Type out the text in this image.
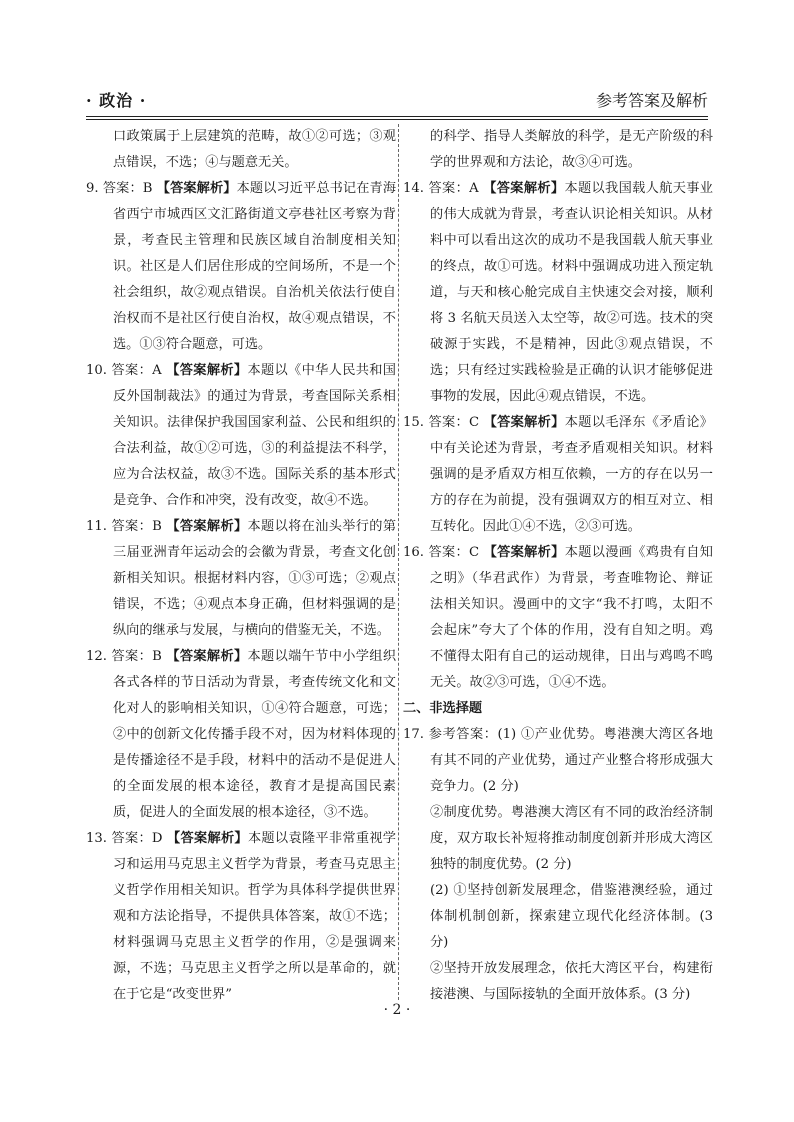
· 政治 ·	参考答案及解析
口政策属于上层建筑的范畴，故①②可选；③观点错误，不选；④与题意无关。
9. 答案：B 【答案解析】本题以习近平总书记在青海省西宁市城西区文汇路街道文亭巷社区考察为背景，考查民主管理和民族区域自治制度相关知识。社区是人们居住形成的空间场所，不是一个社会组织，故②观点错误。自治机关依法行使自治权而不是社区行使自治权，故④观点错误，不选。①③符合题意，可选。
10. 答案：A 【答案解析】本题以《中华人民共和国反外国制裁法》的通过为背景，考查国际关系相关知识。法律保护我国国家利益、公民和组织的合法利益，故①②可选，③的利益提法不科学，应为合法权益，故③不选。国际关系的基本形式是竞争、合作和冲突，没有改变，故④不选。
11. 答案：B 【答案解析】本题以将在汕头举行的第三届亚洲青年运动会的会徽为背景，考查文化创新相关知识。根据材料内容，①③可选；②观点错误，不选；④观点本身正确，但材料强调的是纵向的继承与发展，与横向的借鉴无关，不选。
12. 答案：B 【答案解析】本题以端午节中小学组织各式各样的节日活动为背景，考查传统文化和文化对人的影响相关知识，①④符合题意，可选；②中的创新文化传播手段不对，因为材料体现的是传播途径不是手段，材料中的活动不是促进人的全面发展的根本途径，教育才是提高国民素质，促进人的全面发展的根本途径，③不选。
13. 答案：D 【答案解析】本题以袁隆平非常重视学习和运用马克思主义哲学为背景，考查马克思主义哲学作用相关知识。哲学为具体科学提供世界观和方法论指导，不提供具体答案，故①不选；材料强调马克思主义哲学的作用，②是强调来源，不选；马克思主义哲学之所以是革命的，就在于它是“改变世界”
的科学、指导人类解放的科学，是无产阶级的科学的世界观和方法论，故③④可选。
14. 答案：A 【答案解析】本题以我国载人航天事业的伟大成就为背景，考查认识论相关知识。从材料中可以看出这次的成功不是我国载人航天事业的终点，故①可选。材料中强调成功进入预定轨道，与天和核心舱完成自主快速交会对接，顺利将 3 名航天员送入太空等，故②可选。技术的突破源于实践，不是精神，因此③观点错误，不选；只有经过实践检验是正确的认识才能够促进事物的发展，因此④观点错误，不选。
15. 答案：C 【答案解析】本题以毛泽东《矛盾论》中有关论述为背景，考查矛盾观相关知识。材料强调的是矛盾双方相互依赖，一方的存在以另一方的存在为前提，没有强调双方的相互对立、相互转化。因此①④不选，②③可选。
16. 答案：C 【答案解析】本题以漫画《鸡贵有自知之明》（华君武作）为背景，考查唯物论、辩证法相关知识。漫画中的文字“我不打鸣，太阳不会起床”夸大了个体的作用，没有自知之明。鸡不懂得太阳有自己的运动规律，日出与鸡鸣不鸣无关。故②③可选，①④不选。
二、非选择题
17. 参考答案：(1) ①产业优势。粤港澳大湾区各地有其不同的产业优势，通过产业整合将形成强大竞争力。(2 分)
②制度优势。粤港澳大湾区有不同的政治经济制度，双方取长补短将推动制度创新并形成大湾区独特的制度优势。(2 分)
(2) ①坚持创新发展理念，借鉴港澳经验，通过体制机制创新，探索建立现代化经济体制。(3 分)
②坚持开放发展理念，依托大湾区平台，构建衔接港澳、与国际接轨的全面开放体系。(3 分)
· 2 ·
